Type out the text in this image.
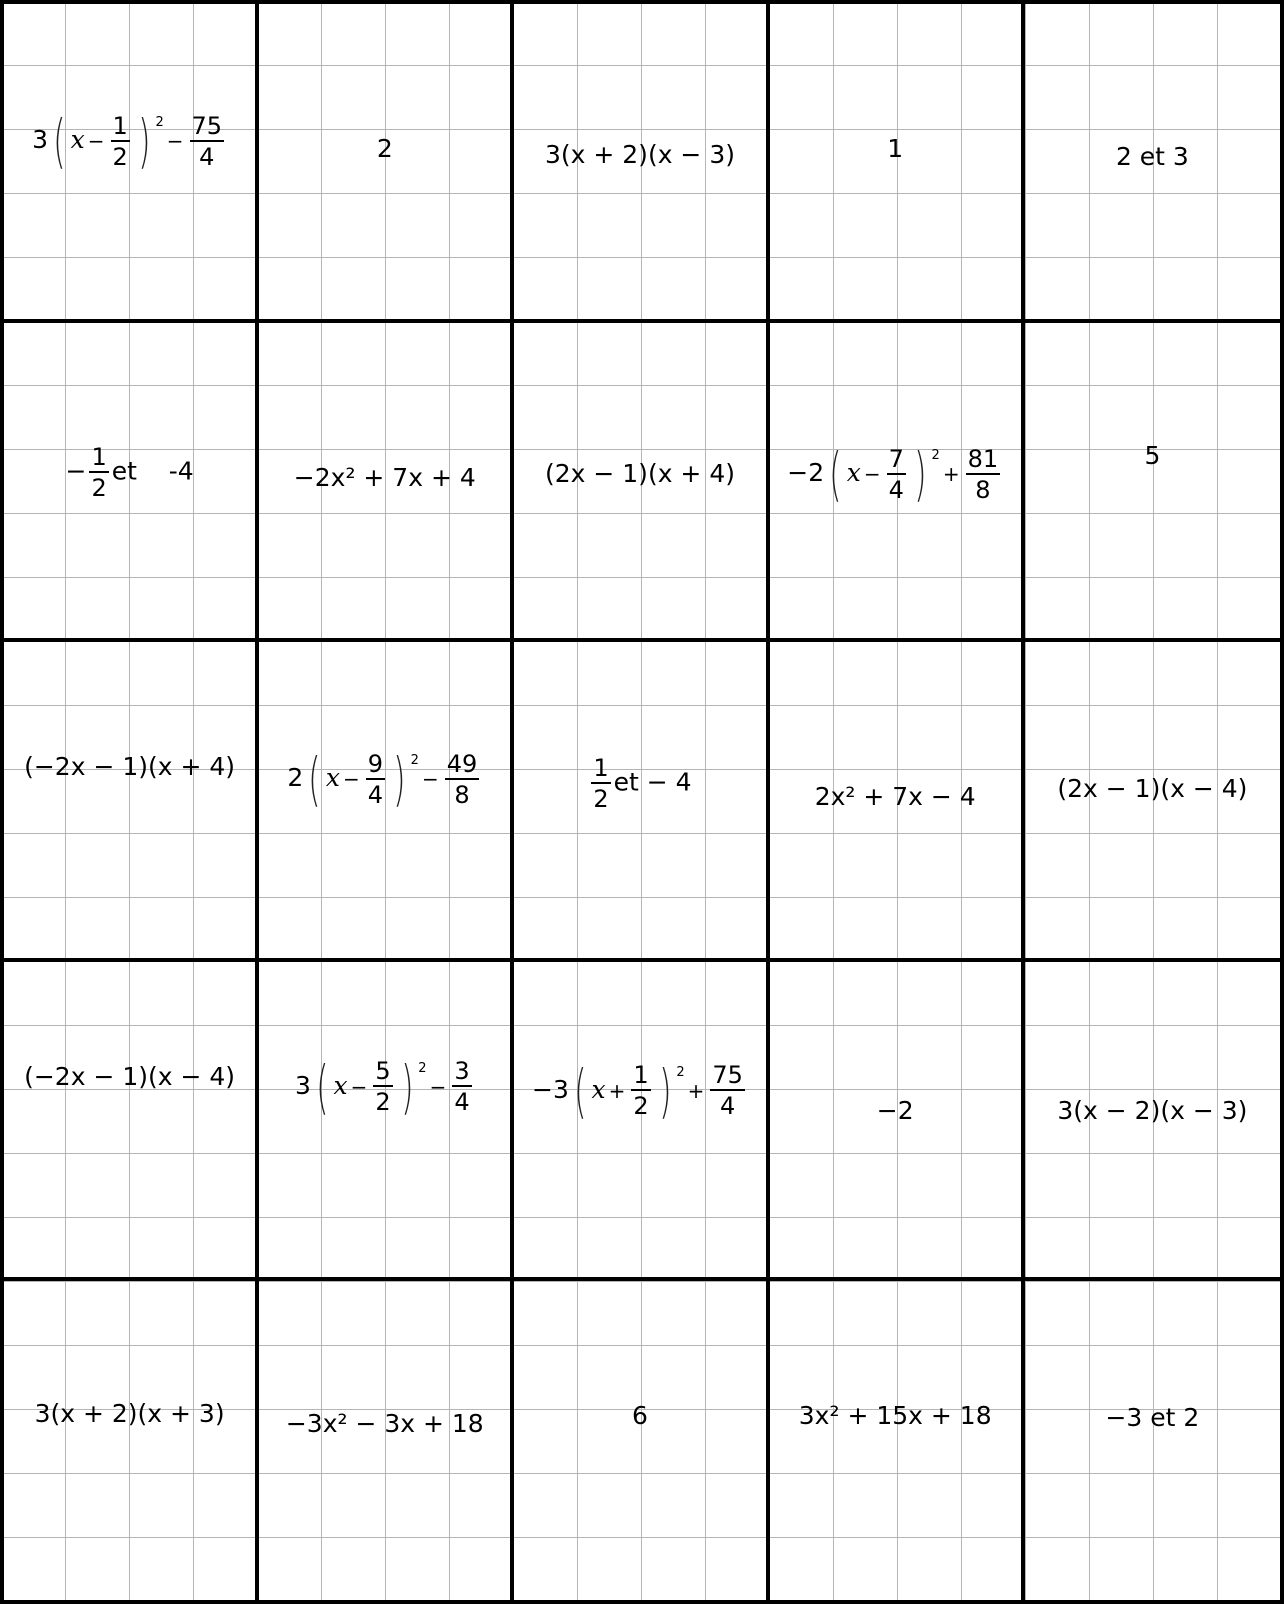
3( $x - \frac{1}{2}$ ) $^2- \frac{75}{4}$	2	3(x + 2)(x − 3)	1	2 et 3
− $\frac{1}{2}$ et    -4	−2x² + 7x + 4	(2x − 1)(x + 4)	−2( $x - \frac{7}{4}$ ) $^2+ \frac{81}{8}$	5
(−2x − 1)(x + 4)	2( $x - \frac{9}{4}$ ) $^2- \frac{49}{8}$	$\frac{1}{2}$ et − 4	2x² + 7x − 4	(2x − 1)(x − 4)
(−2x − 1)(x − 4)	3( $x - \frac{5}{2}$ ) $^2- \frac{3}{4}$	−3( $x + \frac{1}{2}$ ) $^2+ \frac{75}{4}$	−2	3(x − 2)(x − 3)
3(x + 2)(x + 3)	−3x² − 3x + 18	6	3x² + 15x + 18	−3 et 2
